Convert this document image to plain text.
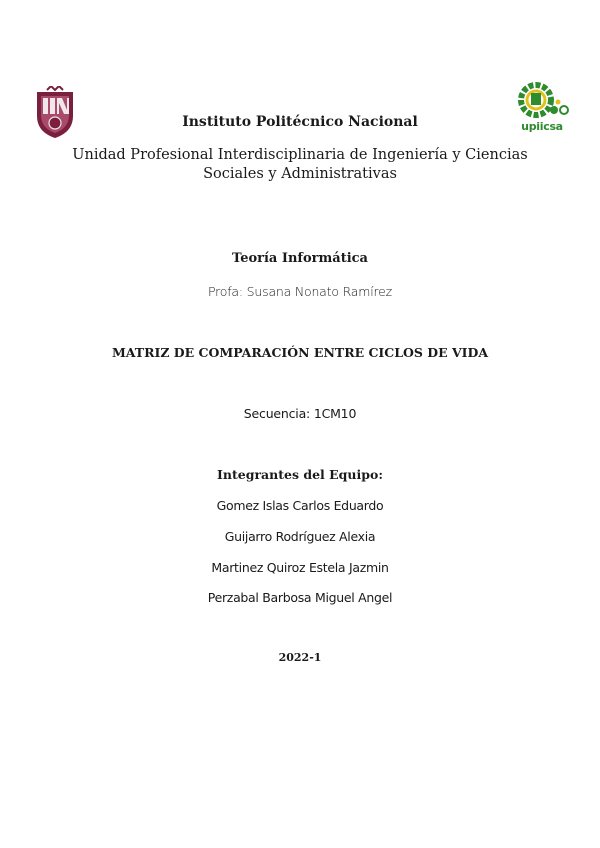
upiicsa
Instituto Politécnico Nacional
Unidad Profesional Interdisciplinaria de Ingeniería y Ciencias Sociales y Administrativas
Teoría Informática
Profa: Susana Nonato Ramírez
MATRIZ DE COMPARACIÓN ENTRE CICLOS DE VIDA
Secuencia: 1CM10
Integrantes del Equipo:
Gomez Islas Carlos Eduardo
Guijarro Rodríguez Alexia
Martinez Quiroz Estela Jazmin
Perzabal Barbosa Miguel Angel
2022-1
